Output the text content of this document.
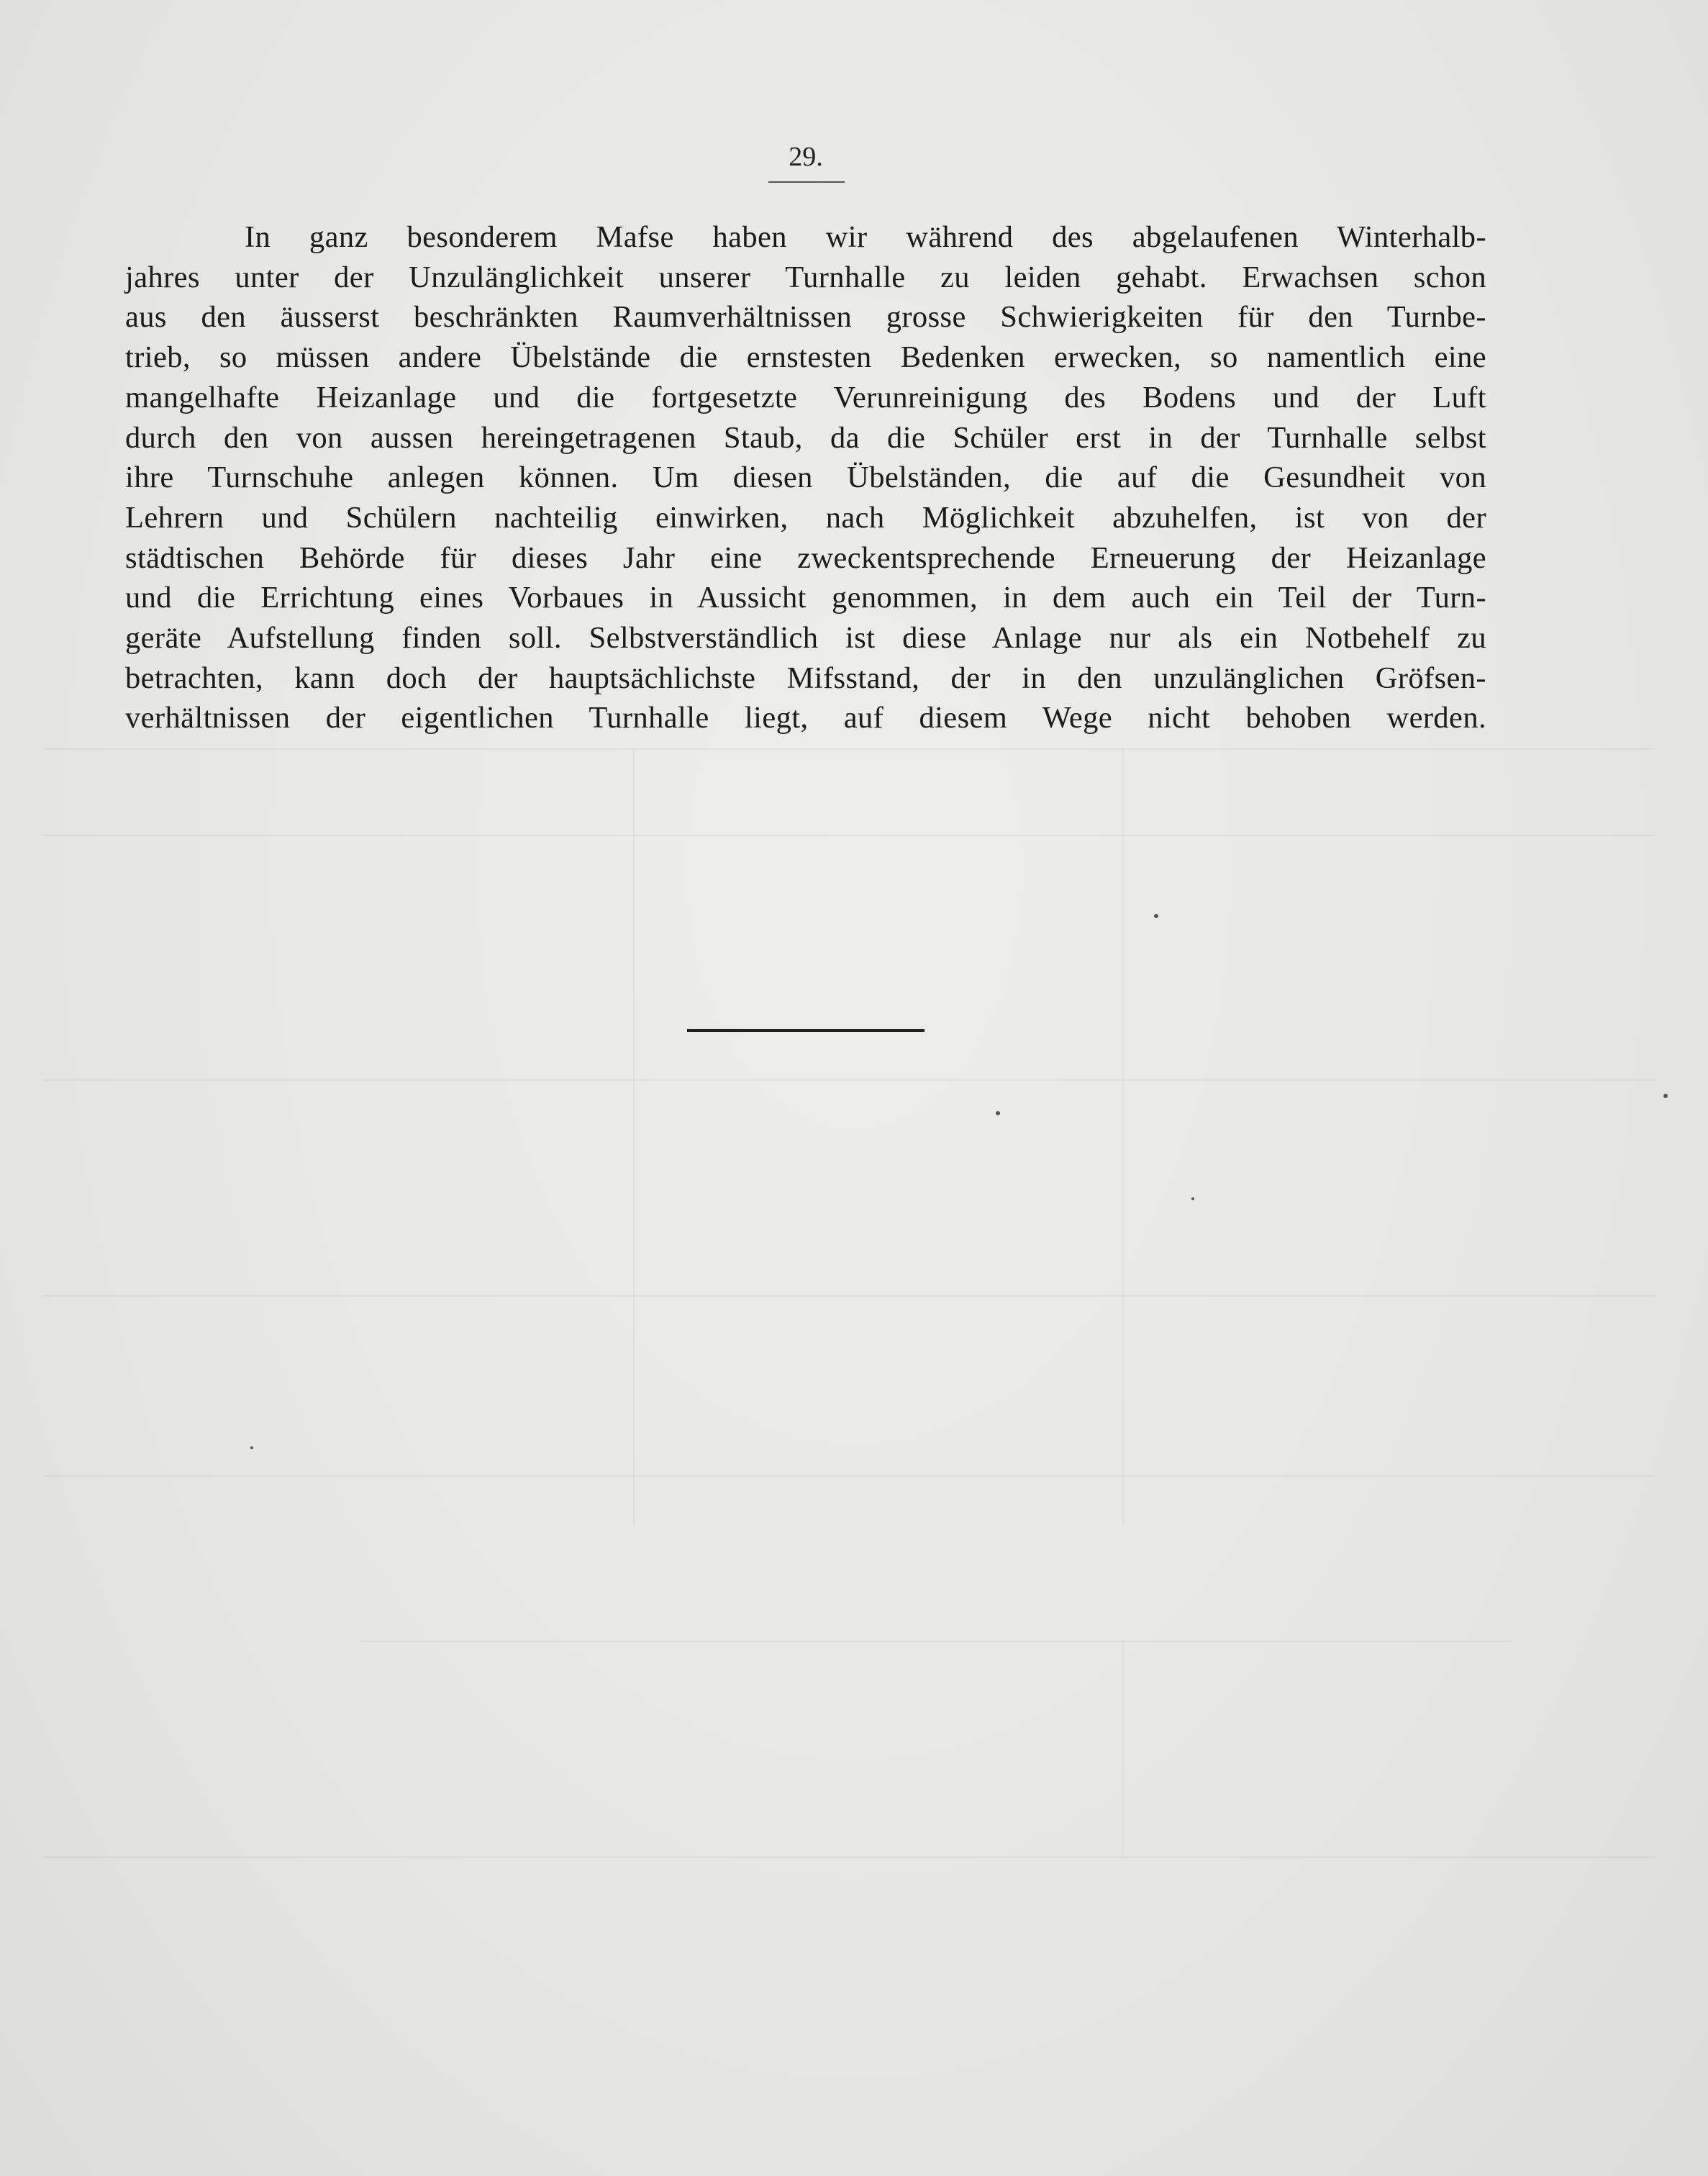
29.
In ganz besonderem Mafse haben wir während des abgelaufenen Winterhalb-
jahres unter der Unzulänglichkeit unserer Turnhalle zu leiden gehabt. Erwachsen schon
aus den äusserst beschränkten Raumverhältnissen grosse Schwierigkeiten für den Turnbe-
trieb, so müssen andere Übelstände die ernstesten Bedenken erwecken, so namentlich eine
mangelhafte Heizanlage und die fortgesetzte Verunreinigung des Bodens und der Luft
durch den von aussen hereingetragenen Staub, da die Schüler erst in der Turnhalle selbst
ihre Turnschuhe anlegen können. Um diesen Übelständen, die auf die Gesundheit von
Lehrern und Schülern nachteilig einwirken, nach Möglichkeit abzuhelfen, ist von der
städtischen Behörde für dieses Jahr eine zweckentsprechende Erneuerung der Heizanlage
und die Errichtung eines Vorbaues in Aussicht genommen, in dem auch ein Teil der Turn-
geräte Aufstellung finden soll. Selbstverständlich ist diese Anlage nur als ein Notbehelf zu
betrachten, kann doch der hauptsächlichste Mifsstand, der in den unzulänglichen Gröfsen-
verhältnissen der eigentlichen Turnhalle liegt, auf diesem Wege nicht behoben werden.
